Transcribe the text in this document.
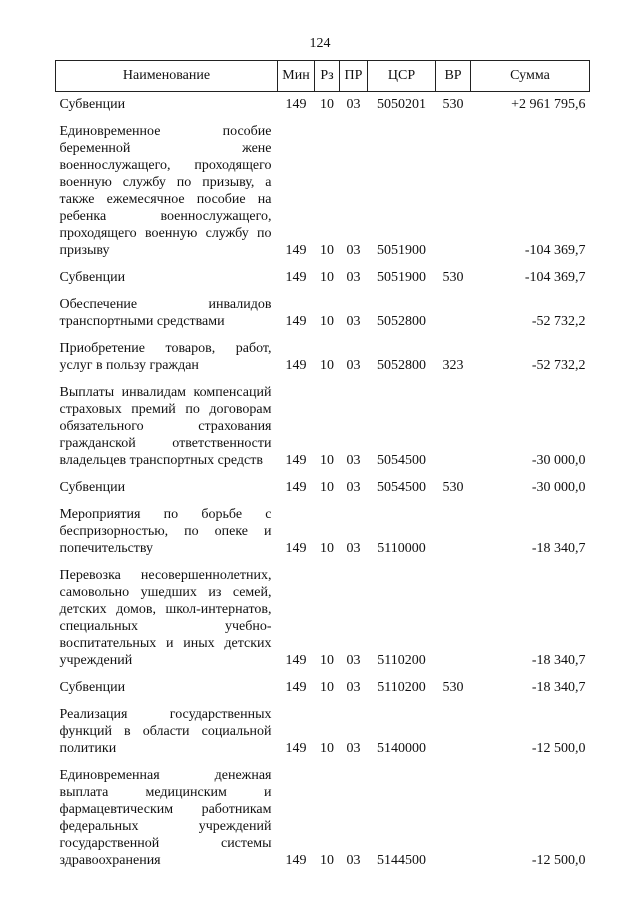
124
Наименование	Мин	Рз	ПР	ЦСР	ВР	Сумма
Субвенции	149	10	03	5050201	530	+2 961 795,6
Единовременное пособие беременной жене военнослужащего, проходящего военную службу по призыву, а также ежемесячное пособие на ребенка военнослужащего, проходящего военную службу по призыву	149	10	03	5051900		-104 369,7
Субвенции	149	10	03	5051900	530	-104 369,7
Обеспечение инвалидов транспортными средствами	149	10	03	5052800		-52 732,2
Приобретение товаров, работ, услуг в пользу граждан	149	10	03	5052800	323	-52 732,2
Выплаты инвалидам компенсаций страховых премий по договорам обязательного страхования гражданской ответственности владельцев транспортных средств	149	10	03	5054500		-30 000,0
Субвенции	149	10	03	5054500	530	-30 000,0
Мероприятия по борьбе с беспризорностью, по опеке и попечительству	149	10	03	5110000		-18 340,7
Перевозка несовершеннолетних, самовольно ушедших из семей, детских домов, школ-интернатов, специальных учебно-воспитательных и иных детских учреждений	149	10	03	5110200		-18 340,7
Субвенции	149	10	03	5110200	530	-18 340,7
Реализация государственных функций в области социальной политики	149	10	03	5140000		-12 500,0
Единовременная денежная выплата медицинским и фармацевтическим работникам федеральных учреждений государственной системы здравоохранения	149	10	03	5144500		-12 500,0
